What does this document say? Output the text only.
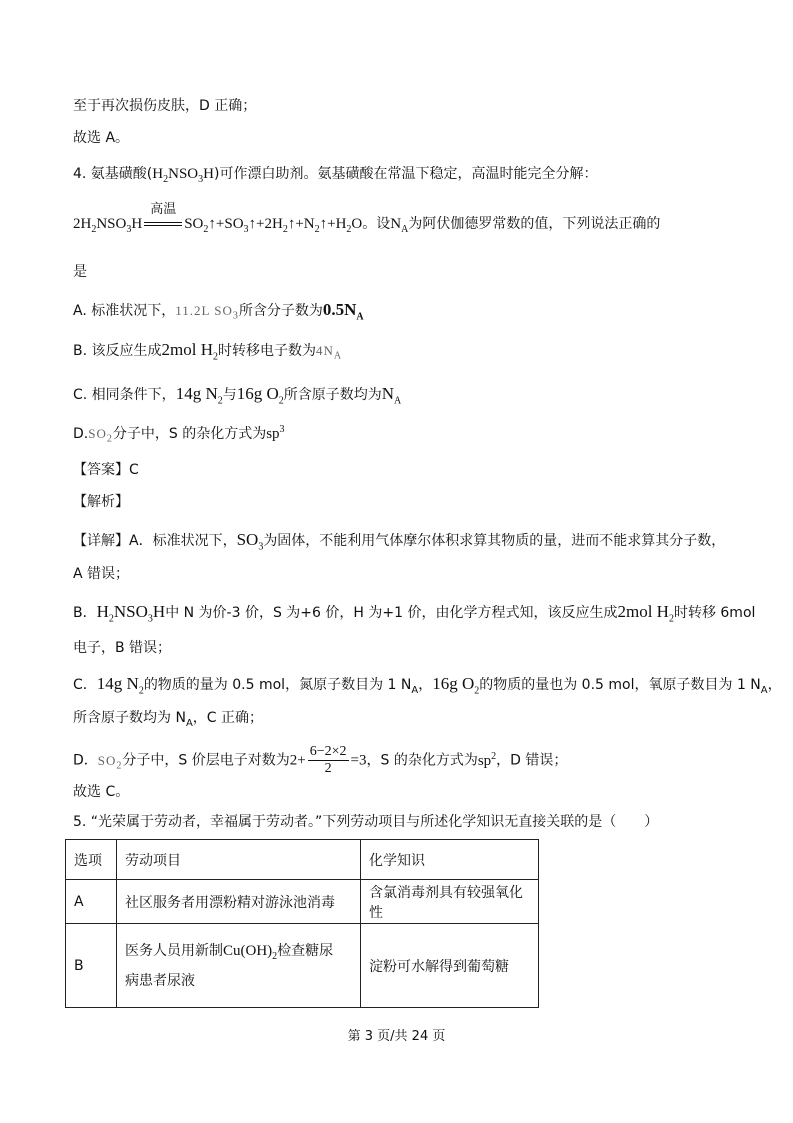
至于再次损伤皮肤，D 正确；
故选 A。
4. 氨基磺酸$(H_2NSO_3H)$可作漂白助剂。氨基磺酸在常温下稳定，高温时能完全分解：
$2H_2NSO_3H$
高温
$SO_2↑+SO_3↑+2H_2↑+N_2↑+H_2O$。设$N_A$为阿伏伽德罗常数的值，下列说法正确的
是
A. 标准状况下，11.2L $SO_3$所含分子数为$0.5N_A$
B. 该反应生成2mol $H_2$时转移电子数为$4N_A$
C. 相同条件下，14g $N_2$与16g $O_2$所含原子数均为$N_A$
$D.SO_2$分子中，S 的杂化方式为$sp^3$
【答案】C
【解析】
【详解】A．标准状况下，$SO_3$为固体，不能利用气体摩尔体积求算其物质的量，进而不能求算其分子数，
A 错误；
B．$H_2NSO_3H$中 N 为价-3 价，S 为+6 价，H 为+1 价，由化学方程式知，该反应生成2mol $H_2$时转移 6mol
电子，B 错误；
C．14g $N_2$的物质的量为 0.5 mol，氮原子数目为 1 $N_A$，16g $O_2$的物质的量也为 0.5 mol，氧原子数目为 1 $N_A$，
所含原子数均为 $N_A$，C 正确；
D．$SO_2$分子中，S 价层电子对数为$2+ \frac{6-2\times 2}{2} =3$，S 的杂化方式为$sp^2$，D 错误；
故选 C。
5. “光荣属于劳动者，幸福属于劳动者。”下列劳动项目与所述化学知识无直接关联的是（　　）
选项	劳动项目	化学知识
A	社区服务者用漂粉精对游泳池消毒	含氯消毒剂具有较强氧化性
B	医务人员用新制$Cu(OH)_2$检查糖尿
病患者尿液	淀粉可水解得到葡萄糖
第 3 页/共 24 页
